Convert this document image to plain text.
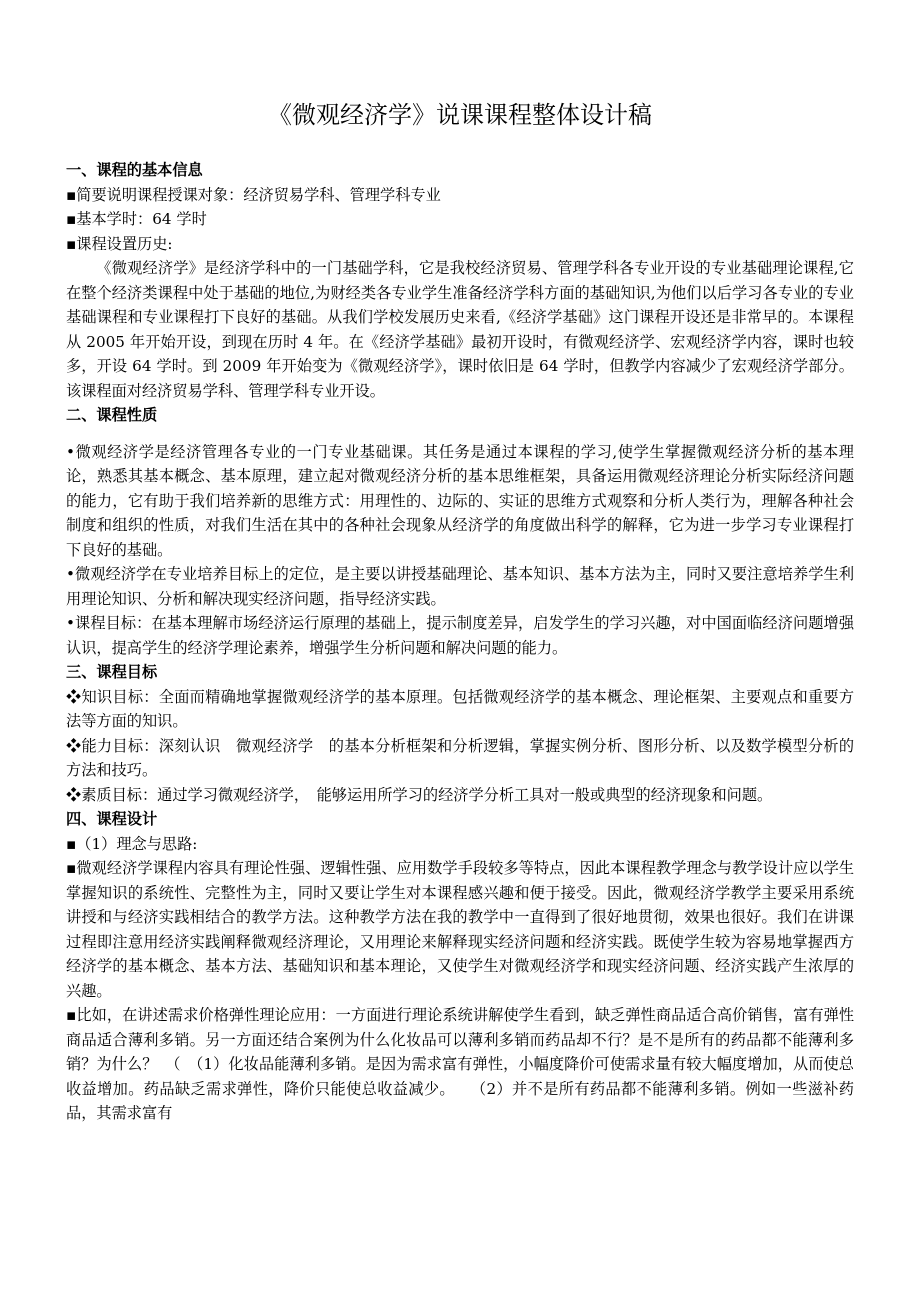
《微观经济学》说课课程整体设计稿
一、课程的基本信息

▪简要说明课程授课对象：经济贸易学科、管理学科专业

▪基本学时：64 学时

▪课程设置历史:

《微观经济学》是经济学科中的一门基础学科，它是我校经济贸易、管理学科各专业开设的专业基础理论课程,它在整个经济类课程中处于基础的地位,为财经类各专业学生准备经济学科方面的基础知识,为他们以后学习各专业的专业基础课程和专业课程打下良好的基础。从我们学校发展历史来看,《经济学基础》这门课程开设还是非常早的。本课程从 2005 年开始开设，到现在历时 4 年。在《经济学基础》最初开设时，有微观经济学、宏观经济学内容，课时也较多，开设 64 学时。到 2009 年开始变为《微观经济学》，课时依旧是 64 学时，但教学内容减少了宏观经济学部分。该课程面对经济贸易学科、管理学科专业开设。

二、课程性质

•微观经济学是经济管理各专业的一门专业基础课。其任务是通过本课程的学习,使学生掌握微观经济分析的基本理论，熟悉其基本概念、基本原理，建立起对微观经济分析的基本思维框架，具备运用微观经济理论分析实际经济问题的能力，它有助于我们培养新的思维方式：用理性的、边际的、实证的思维方式观察和分析人类行为，理解各种社会制度和组织的性质，对我们生活在其中的各种社会现象从经济学的角度做出科学的解释，它为进一步学习专业课程打下良好的基础。

•微观经济学在专业培养目标上的定位，是主要以讲授基础理论、基本知识、基本方法为主，同时又要注意培养学生利用理论知识、分析和解决现实经济问题，指导经济实践。

•课程目标：在基本理解市场经济运行原理的基础上，提示制度差异，启发学生的学习兴趣，对中国面临经济问题增强认识，提高学生的经济学理论素养，增强学生分析问题和解决问题的能力。

三、课程目标

❖知识目标：全面而精确地掌握微观经济学的基本原理。包括微观经济学的基本概念、理论框架、主要观点和重要方法等方面的知识。

❖能力目标：深刻认识　微观经济学　的基本分析框架和分析逻辑，掌握实例分析、图形分析、以及数学模型分析的方法和技巧。

❖素质目标：通过学习微观经济学，　能够运用所学习的经济学分析工具对一般或典型的经济现象和问题。

四、课程设计

▪（1）理念与思路:

▪微观经济学课程内容具有理论性强、逻辑性强、应用数学手段较多等特点，因此本课程教学理念与教学设计应以学生掌握知识的系统性、完整性为主，同时又要让学生对本课程感兴趣和便于接受。因此，微观经济学教学主要采用系统讲授和与经济实践相结合的教学方法。这种教学方法在我的教学中一直得到了很好地贯彻，效果也很好。我们在讲课过程即注意用经济实践阐释微观经济理论，又用理论来解释现实经济问题和经济实践。既使学生较为容易地掌握西方经济学的基本概念、基本方法、基础知识和基本理论，又使学生对微观经济学和现实经济问题、经济实践产生浓厚的兴趣。

▪比如，在讲述需求价格弹性理论应用：一方面进行理论系统讲解使学生看到，缺乏弹性商品适合高价销售，富有弹性商品适合薄利多销。另一方面还结合案例为什么化妆品可以薄利多销而药品却不行？是不是所有的药品都不能薄利多销？为什么？　（　（1）化妆品能薄利多销。是因为需求富有弹性，小幅度降价可使需求量有较大幅度增加，从而使总收益增加。药品缺乏需求弹性，降价只能使总收益减少。　　（2）并不是所有药品都不能薄利多销。例如一些滋补药品，其需求富有
